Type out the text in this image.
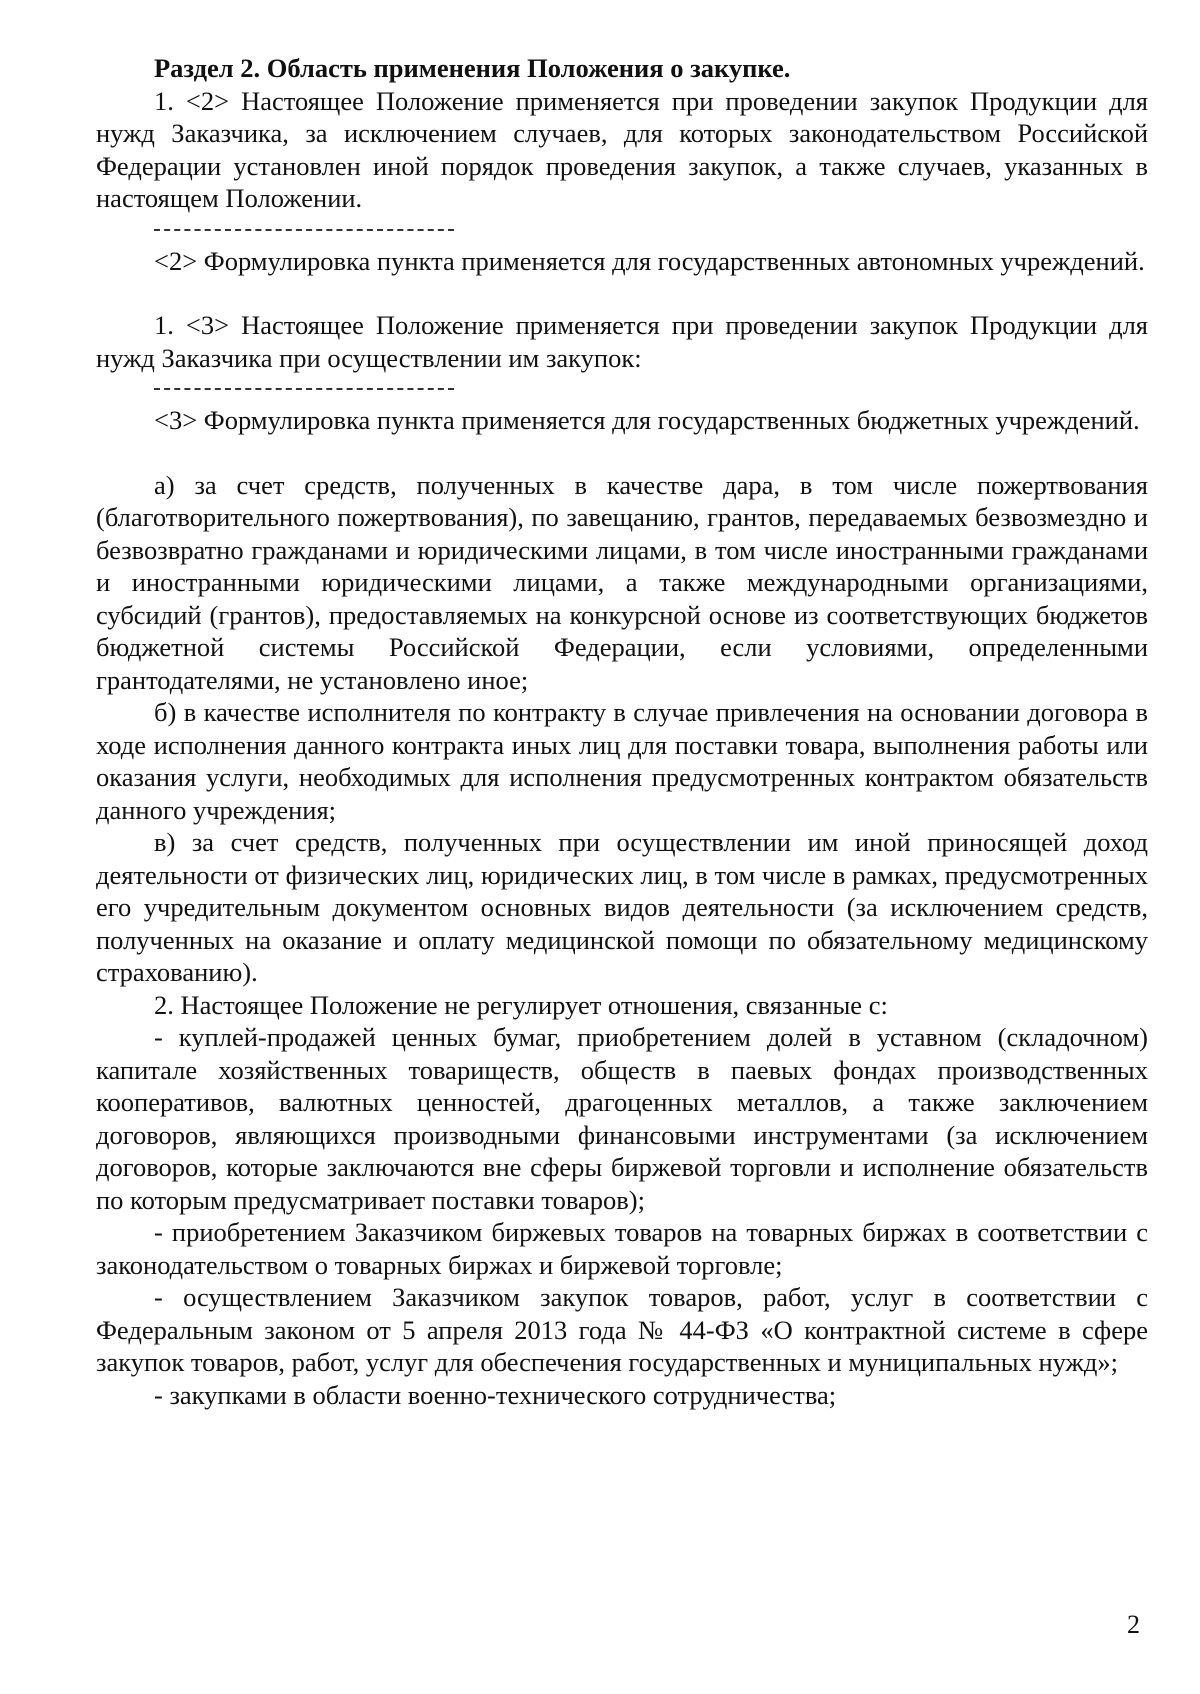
Раздел 2. Область применения Положения о закупке.

1. <2> Настоящее Положение применяется при проведении закупок Продукции для нужд Заказчика, за исключением случаев, для которых законодательством Российской Федерации установлен иной порядок проведения закупок, а также случаев, указанных в настоящем Положении.

<2> Формулировка пункта применяется для государственных автономных учреждений.

1. <3> Настоящее Положение применяется при проведении закупок Продукции для нужд Заказчика при осуществлении им закупок:

<3> Формулировка пункта применяется для государственных бюджетных учреждений.

а) за счет средств, полученных в качестве дара, в том числе пожертвования (благотворительного пожертвования), по завещанию, грантов, передаваемых безвозмездно и безвозвратно гражданами и юридическими лицами, в том числе иностранными гражданами и иностранными юридическими лицами, а также международными организациями, субсидий (грантов), предоставляемых на конкурсной основе из соответствующих бюджетов бюджетной системы Российской Федерации, если условиями, определенными грантодателями, не установлено иное;

б) в качестве исполнителя по контракту в случае привлечения на основании договора в ходе исполнения данного контракта иных лиц для поставки товара, выполнения работы или оказания услуги, необходимых для исполнения предусмотренных контрактом обязательств данного учреждения;

в) за счет средств, полученных при осуществлении им иной приносящей доход деятельности от физических лиц, юридических лиц, в том числе в рамках, предусмотренных его учредительным документом основных видов деятельности (за исключением средств, полученных на оказание и оплату медицинской помощи по обязательному медицинскому страхованию).

2. Настоящее Положение не регулирует отношения, связанные с:

- куплей-продажей ценных бумаг, приобретением долей в уставном (складочном) капитале хозяйственных товариществ, обществ в паевых фондах производственных кооперативов, валютных ценностей, драгоценных металлов, а также заключением договоров, являющихся производными финансовыми инструментами (за исключением договоров, которые заключаются вне сферы биржевой торговли и исполнение обязательств по которым предусматривает поставки товаров);

- приобретением Заказчиком биржевых товаров на товарных биржах в соответствии с законодательством о товарных биржах и биржевой торговле;

- осуществлением Заказчиком закупок товаров, работ, услуг в соответствии с Федеральным законом от 5 апреля 2013 года № 44-ФЗ «О контрактной системе в сфере закупок товаров, работ, услуг для обеспечения государственных и муниципальных нужд»;

- закупками в области военно-технического сотрудничества;

2
